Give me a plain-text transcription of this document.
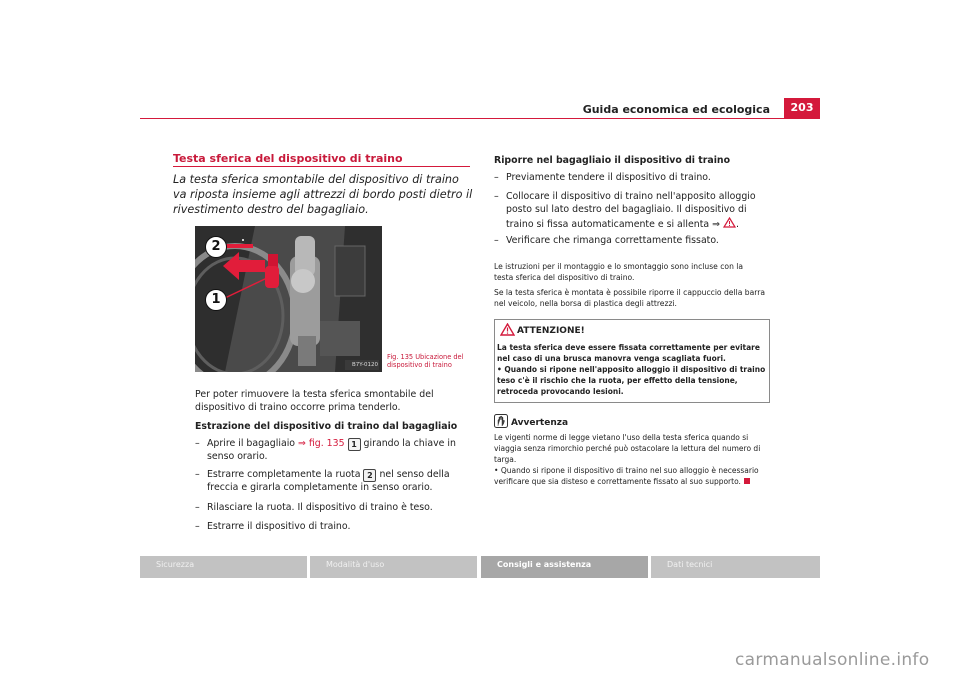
Guida economica ed ecologica	203
Testa sferica del dispositivo di traino
La testa sferica smontabile del dispositivo di traino va riposta insieme agli attrezzi di bordo posti dietro il rivestimento destro del bagagliaio.
2
1
B7Y-0120
Fig. 135 Ubicazione del dispositivo di traino
Per poter rimuovere la testa sferica smontabile del dispositivo di traino occorre prima tenderlo.
Estrazione del dispositivo di traino dal bagagliaio
– Aprire il bagagliaio ⇒ fig. 135 1 girando la chiave in senso orario.
– Estrarre completamente la ruota 2 nel senso della freccia e girarla completamente in senso orario.
– Rilasciare la ruota. Il dispositivo di traino è teso.
– Estrarre il dispositivo di traino.
Riporre nel bagagliaio il dispositivo di traino
– Previamente tendere il dispositivo di traino.
– Collocare il dispositivo di traino nell'apposito alloggio posto sul lato destro del bagagliaio. Il dispositivo di traino si fissa automaticamente e si allenta ⇒ .
– Verificare che rimanga correttamente fissato.
Le istruzioni per il montaggio e lo smontaggio sono incluse con la testa sferica del dispositivo di traino.
Se la testa sferica è montata è possibile riporre il cappuccio della barra nel veicolo, nella borsa di plastica degli attrezzi.
ATTENZIONE!
La testa sferica deve essere fissata correttamente per evitare nel caso di una brusca manovra venga scagliata fuori.
• Quando si ripone nell'apposito alloggio il dispositivo di traino teso c'è il rischio che la ruota, per effetto della tensione, retroceda provocando lesioni.
Avvertenza
Le vigenti norme di legge vietano l'uso della testa sferica quando si viaggia senza rimorchio perché può ostacolare la lettura del numero di targa.
• Quando si ripone il dispositivo di traino nel suo alloggio è necessario verificare que sia disteso e correttamente fissato al suo supporto.
Sicurezza	Modalità d'uso	Consigli e assistenza	Dati tecnici
carmanualsonline.info
